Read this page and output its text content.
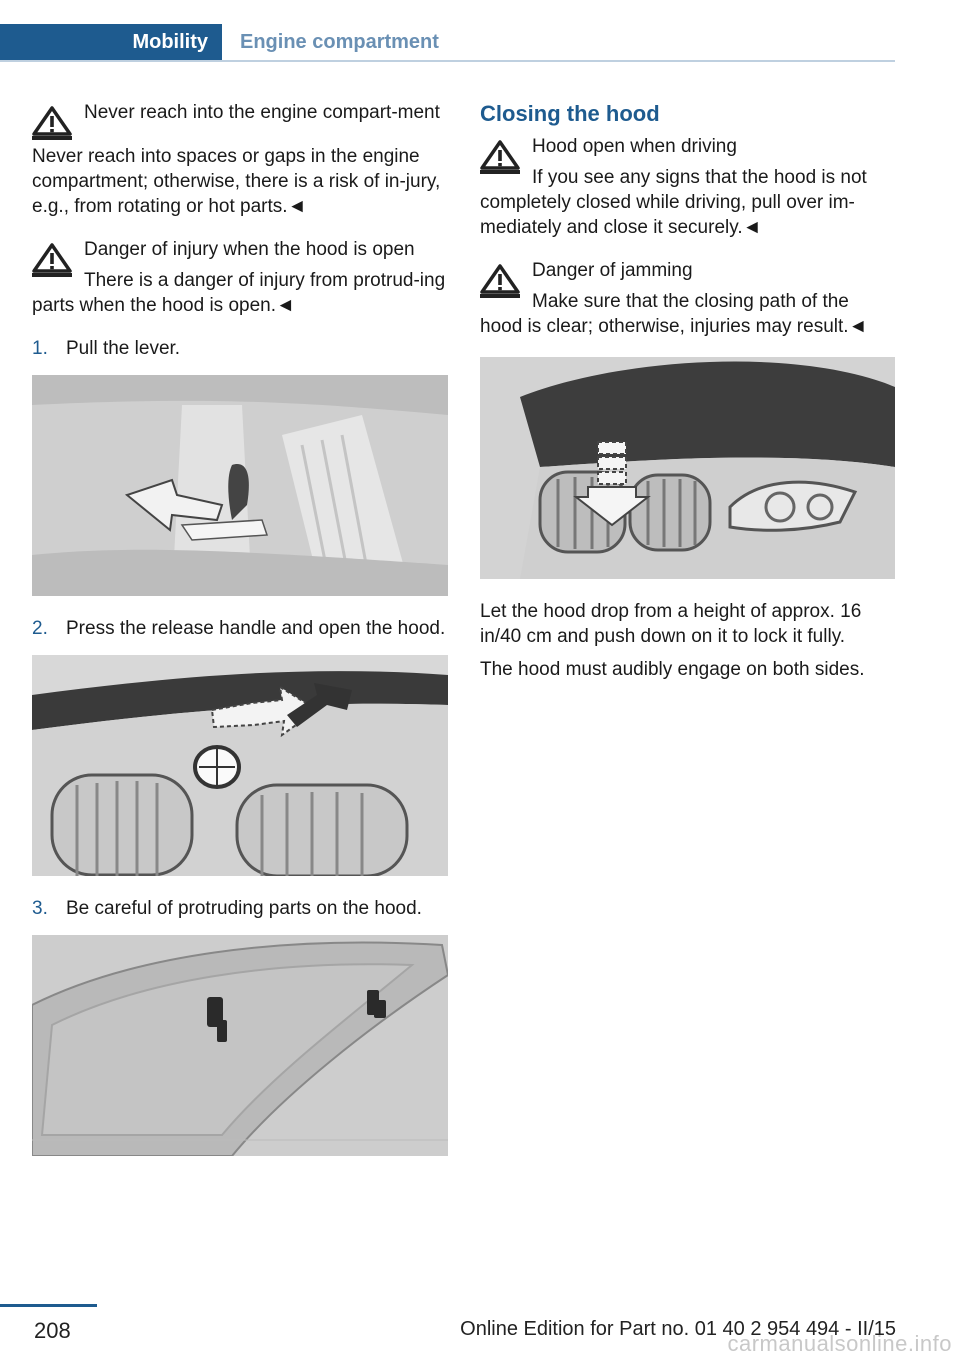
Mobility	Engine compartment

Never reach into the engine compart-ment

Never reach into spaces or gaps in the engine compartment; otherwise, there is a risk of in-jury, e.g., from rotating or hot parts.◄

Danger of injury when the hood is open

There is a danger of injury from protrud-ing parts when the hood is open.◄

1. Pull the lever.
2. Press the release handle and open the hood.
3. Be careful of protruding parts on the hood.
Closing the hood

Hood open when driving

If you see any signs that the hood is not completely closed while driving, pull over im-mediately and close it securely.◄

Danger of jamming

Make sure that the closing path of the hood is clear; otherwise, injuries may result.◄

Let the hood drop from a height of approx. 16 in/40 cm and push down on it to lock it fully.

The hood must audibly engage on both sides.

208	Online Edition for Part no. 01 40 2 954 494 - II/15
carmanualsonline.info
